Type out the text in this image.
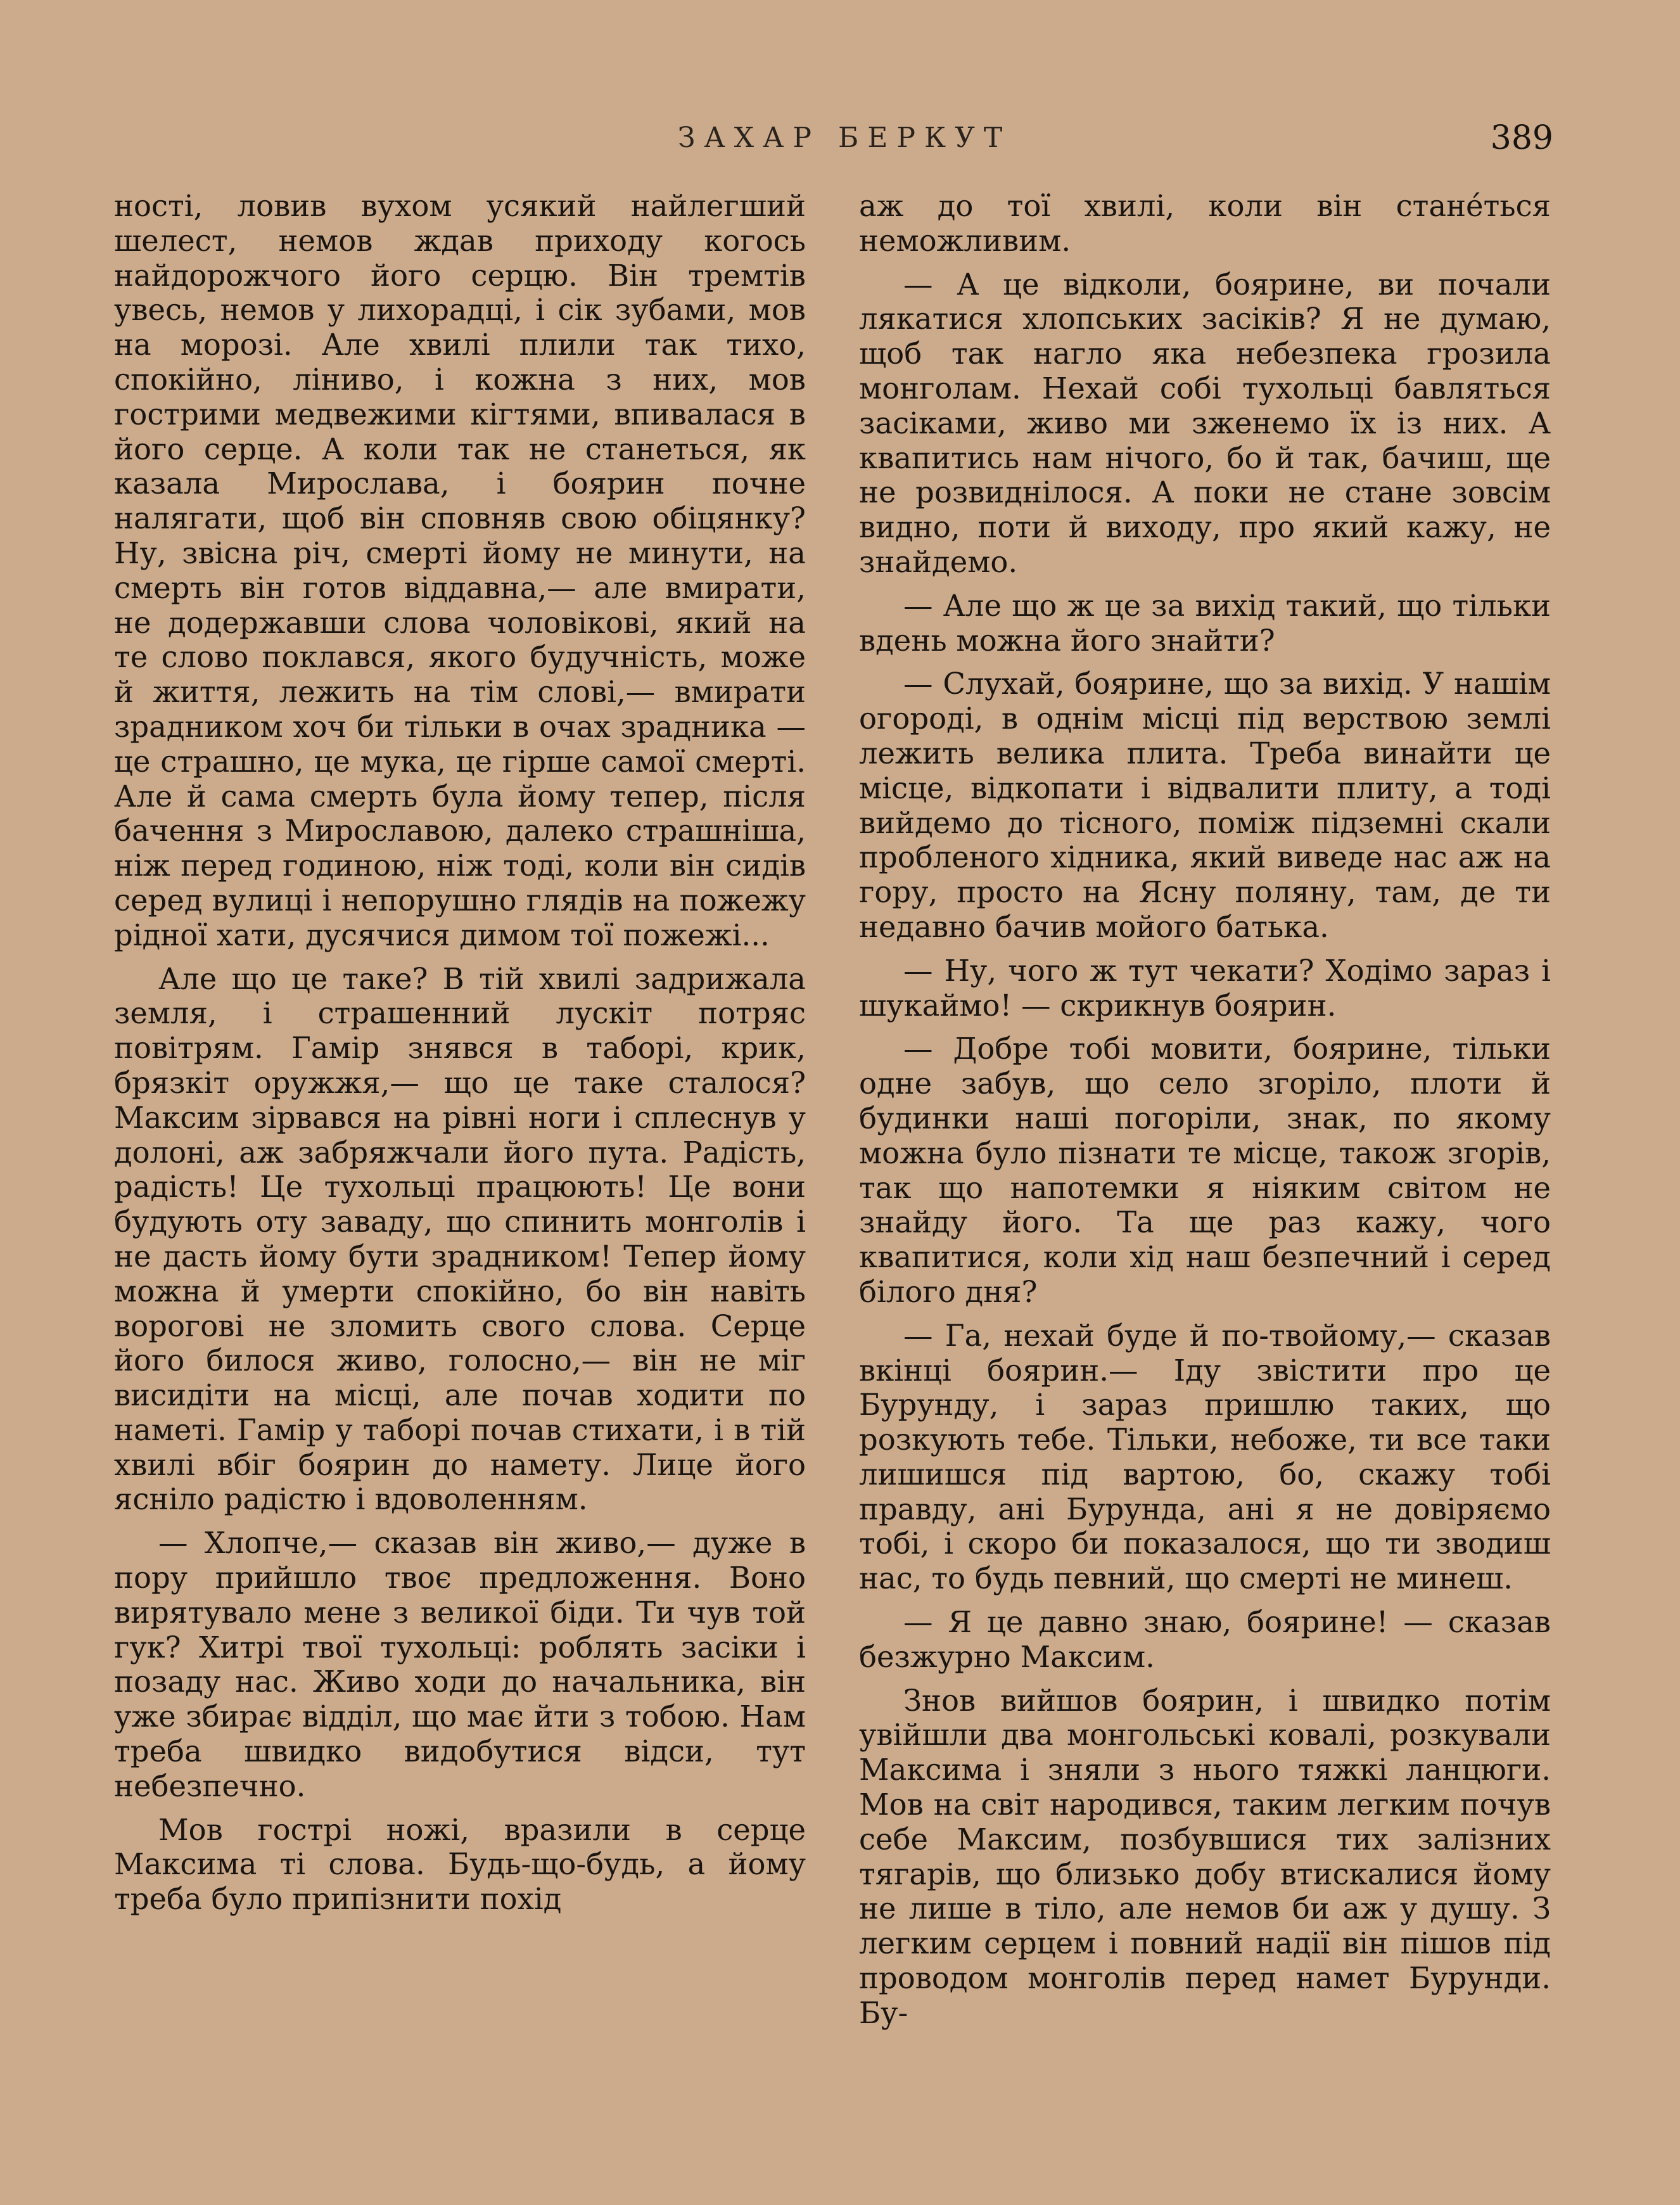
ЗАХАР БЕРКУТ	389

ності, ловив вухом усякий найлегший шелест, немов ждав приходу когось найдорожчого його серцю. Він тремтів увесь, немов у лихорадці, і сік зубами, мов на морозі. Але хвилі плили так тихо, спокійно, ліниво, і кожна з них, мов гострими медвежими кігтями, впивалася в його серце. А коли так не станеться, як казала Мирослава, і боярин почне налягати, щоб він сповняв свою обіцянку? Ну, звісна річ, смерті йому не минути, на смерть він готов віддавна,— але вмирати, не додержавши слова чоловікові, який на те слово поклався, якого будучність, може й життя, лежить на тім слові,— вмирати зрадником хоч би тільки в очах зрадника — це страшно, це мука, це гірше самої смерті. Але й сама смерть була йому тепер, після бачення з Мирославою, далеко страшніша, ніж перед годиною, ніж тоді, коли він сидів серед вулиці і непорушно глядів на пожежу рідної хати, дусячися димом тої пожежі...

Але що це таке? В тій хвилі задрижала земля, і страшенний лускіт потряс повітрям. Гамір знявся в таборі, крик, брязкіт оружжя,— що це таке сталося? Максим зірвався на рівні ноги і сплеснув у долоні, аж забряжчали його пута. Радість, радість! Це тухольці працюють! Це вони будують оту заваду, що спинить монголів і не дасть йому бути зрадником! Тепер йому можна й умерти спокійно, бо він навіть ворогові не зломить свого слова. Серце його билося живо, голосно,— він не міг висидіти на місці, але почав ходити по наметі. Гамір у таборі почав стихати, і в тій хвилі вбіг боярин до намету. Лице його ясніло радістю і вдоволенням.

— Хлопче,— сказав він живо,— дуже в пору прийшло твоє предложення. Воно вирятувало мене з великої біди. Ти чув той гук? Хитрі твої тухольці: роблять засіки і позаду нас. Живо ходи до начальника, він уже збирає відділ, що має йти з тобою. Нам треба швидко видобутися відси, тут небезпечно.

Мов гострі ножі, вразили в серце Максима ті слова. Будь-що-будь, а йому треба було припізнити похід

аж до тої хвилі, коли він стане́ться неможливим.

— А це відколи, боярине, ви почали лякатися хлопських засіків? Я не думаю, щоб так нагло яка небезпека грозила монголам. Нехай собі тухольці бавляться засіками, живо ми зженемо їх із них. А квапитись нам нічого, бо й так, бачиш, ще не розвиднілося. А поки не стане зовсім видно, поти й виходу, про який кажу, не знайдемо.

— Але що ж це за вихід такий, що тільки вдень можна його знайти?

— Слухай, боярине, що за вихід. У нашім огороді, в однім місці під верствою землі лежить велика плита. Треба винайти це місце, відкопати і відвалити плиту, а тоді вийдемо до тісного, поміж підземні скали пробленого хідника, який виведе нас аж на гору, просто на Ясну поляну, там, де ти недавно бачив мойого батька.

— Ну, чого ж тут чекати? Ходімо зараз і шукаймо! — скрикнув боярин.

— Добре тобі мовити, боярине, тільки одне забув, що село згоріло, плоти й будинки наші погоріли, знак, по якому можна було пізнати те місце, також згорів, так що напотемки я ніяким світом не знайду його. Та ще раз кажу, чого квапитися, коли хід наш безпечний і серед білого дня?

— Га, нехай буде й по-твойому,— сказав вкінці боярин.— Іду звістити про це Бурунду, і зараз пришлю таких, що розкують тебе. Тільки, небоже, ти все таки лишишся під вартою, бо, скажу тобі правду, ані Бурунда, ані я не довіряємо тобі, і скоро би показалося, що ти зводиш нас, то будь певний, що смерті не минеш.

— Я це давно знаю, боярине! — сказав безжурно Максим.

Знов вийшов боярин, і швидко потім увійшли два монгольські ковалі, розкували Максима і зняли з нього тяжкі ланцюги. Мов на світ народився, таким легким почув себе Максим, позбувшися тих залізних тягарів, що близько добу втискалися йому не лише в тіло, але немов би аж у душу. З легким серцем і повний надії він пішов під проводом монголів перед намет Бурунди. Бу-
